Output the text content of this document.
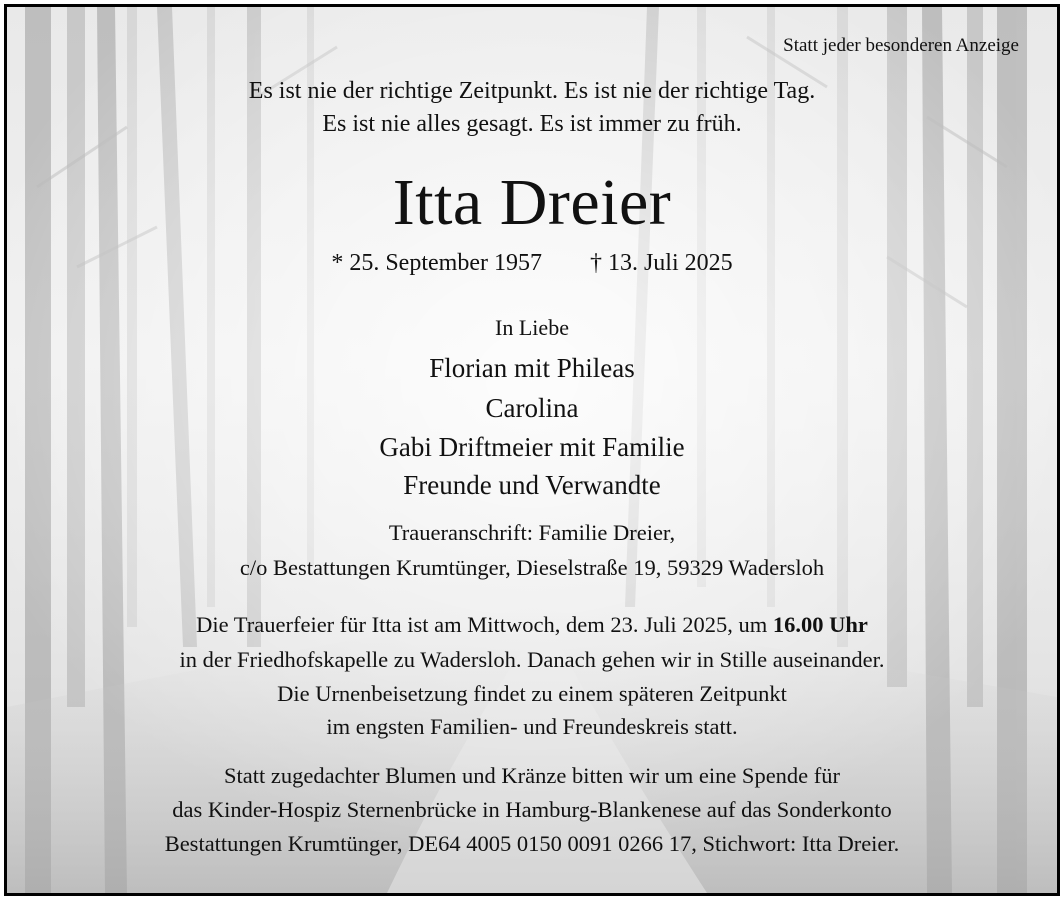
Statt jeder besonderen Anzeige
Es ist nie der richtige Zeitpunkt. Es ist nie der richtige Tag.
Es ist nie alles gesagt. Es ist immer zu früh.
Itta Dreier
* 25. September 1957 † 13. Juli 2025
In Liebe
Florian mit Phileas
Carolina
Gabi Driftmeier mit Familie
Freunde und Verwandte
Traueranschrift: Familie Dreier,
c/o Bestattungen Krumtünger, Dieselstraße 19, 59329 Wadersloh
Die Trauerfeier für Itta ist am Mittwoch, dem 23. Juli 2025, um 16.00 Uhr
in der Friedhofskapelle zu Wadersloh. Danach gehen wir in Stille auseinander.
Die Urnenbeisetzung findet zu einem späteren Zeitpunkt
im engsten Familien- und Freundeskreis statt.
Statt zugedachter Blumen und Kränze bitten wir um eine Spende für
das Kinder-Hospiz Sternenbrücke in Hamburg-Blankenese auf das Sonderkonto
Bestattungen Krumtünger, DE64 4005 0150 0091 0266 17, Stichwort: Itta Dreier.
